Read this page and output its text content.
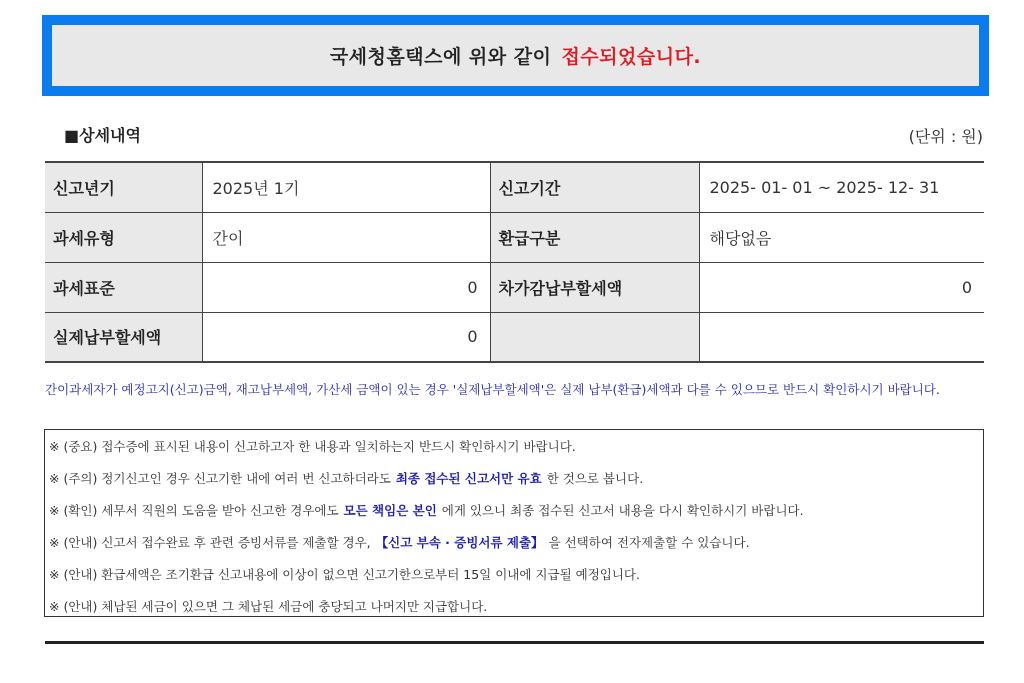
국세청홈택스에 위와 같이 접수되었습니다.
■상세내역	(단위 : 원)
신고년기	2025년 1기	신고기간	2025- 01- 01 ~ 2025- 12- 31
과세유형	간이	환급구분	해당없음
과세표준	0	차가감납부할세액	0
실제납부할세액	0		
간이과세자가 예정고지(신고)금액, 재고납부세액, 가산세 금액이 있는 경우 '실제납부할세액'은 실제 납부(환급)세액과 다를 수 있으므로 반드시 확인하시기 바랍니다.
※ (중요) 접수증에 표시된 내용이 신고하고자 한 내용과 일치하는지 반드시 확인하시기 바랍니다.
※ (주의) 정기신고인 경우 신고기한 내에 여러 번 신고하더라도 최종 접수된 신고서만 유효 한 것으로 봅니다.
※ (확인) 세무서 직원의 도움을 받아 신고한 경우에도 모든 책임은 본인 에게 있으니 최종 접수된 신고서 내용을 다시 확인하시기 바랍니다.
※ (안내) 신고서 접수완료 후 관련 증빙서류를 제출할 경우, 【신고 부속 · 증빙서류 제출】 을 선택하여 전자제출할 수 있습니다.
※ (안내) 환급세액은 조기환급 신고내용에 이상이 없으면 신고기한으로부터 15일 이내에 지급될 예정입니다.
※ (안내) 체납된 세금이 있으면 그 체납된 세금에 충당되고 나머지만 지급합니다.
